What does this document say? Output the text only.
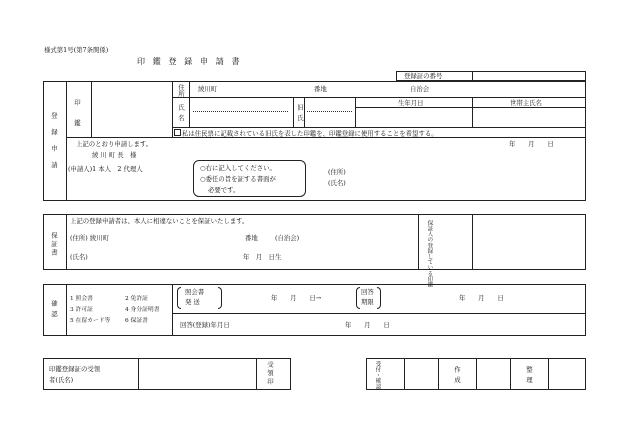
様式第1号(第7条関係)
印 鑑 登 録 申 請 書
登録証の番号
登録申請 印鑑
住所 綾川町	番地	自治会
氏名	旧氏
生年月日	世帯主氏名
私は住民票に記載されている旧氏を表した印鑑を、印鑑登録に使用することを希望する。
上記のとおり申請します。	年　　月　　日
綾 川 町 長　様
(申請人)1 本人　2 代理人	○右に記入してください。
○委任の旨を証する書面が
必要です。
(住所)
(氏名)
保証書
上記の登録申請者は、本人に相違ないことを保証いたします。
(住所) 綾川町	番地	(自治会)
(氏名)	年　月　日生	保証人の登録している印鑑
確認
1 照会書	2 免許証
3 許可証	4 身分証明書
5 在留カード等	6 保証書
照会書
発 送	年　　月　　日→
回答
期限	年　　月　　日
回答(登録)年月日	年　　月　　日
印鑑登録証の受領
者(氏名)	受領印	受付・確認	作成	整理
